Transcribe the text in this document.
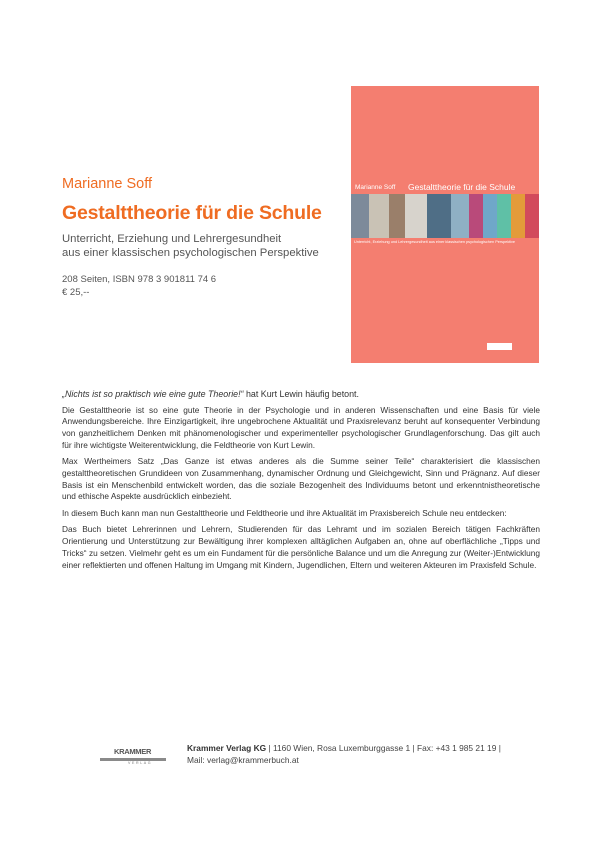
Marianne Soff
Gestalttheorie für die Schule
Unterricht, Erziehung und Lehrergesundheit
aus einer klassischen psychologischen Perspektive
208 Seiten, ISBN 978 3 901811 74 6
€ 25,--
Marianne Soff Gestalttheorie für die Schule
Unterricht, Erziehung und Lehrergesundheit aus einer klassischen psychologischen Perspektive

„Nichts ist so praktisch wie eine gute Theorie!“ hat Kurt Lewin häufig betont.

Die Gestalttheorie ist so eine gute Theorie in der Psychologie und in anderen Wissenschaften und eine Basis für viele Anwendungsbereiche. Ihre Einzigartigkeit, ihre ungebrochene Aktualität und Praxisrelevanz beruht auf konsequenter Verbindung von ganzheitlichem Denken mit phänomenologischer und experimenteller psychologischer Grundlagenforschung. Das gilt auch für ihre wichtigste Weiterentwicklung, die Feldtheorie von Kurt Lewin.

Max Wertheimers Satz „Das Ganze ist etwas anderes als die Summe seiner Teile“ charakterisiert die klassischen gestalttheoretischen Grundideen von Zusammenhang, dynamischer Ordnung und Gleichgewicht, Sinn und Prägnanz. Auf dieser Basis ist ein Menschenbild entwickelt worden, das die soziale Bezogenheit des Individuums betont und erkenntnistheoretische und ethische Aspekte ausdrücklich einbezieht.

In diesem Buch kann man nun Gestalttheorie und Feldtheorie und ihre Aktualität im Praxisbereich Schule neu entdecken:

Das Buch bietet Lehrerinnen und Lehrern, Studierenden für das Lehramt und im sozialen Bereich tätigen Fachkräften Orientierung und Unterstützung zur Bewältigung ihrer komplexen alltäglichen Aufgaben an, ohne auf oberflächliche „Tipps und Tricks“ zu setzen. Vielmehr geht es um ein Fundament für die persönliche Balance und um die Anregung zur (Weiter-)Entwicklung einer reflektierten und offenen Haltung im Umgang mit Kindern, Jugendlichen, Eltern und weiteren Akteuren im Praxisfeld Schule.

KRAMMER
VERLAG
Krammer Verlag KG | 1160 Wien, Rosa Luxemburggasse 1 | Fax: +43 1 985 21 19 |
Mail: verlag@krammerbuch.at
